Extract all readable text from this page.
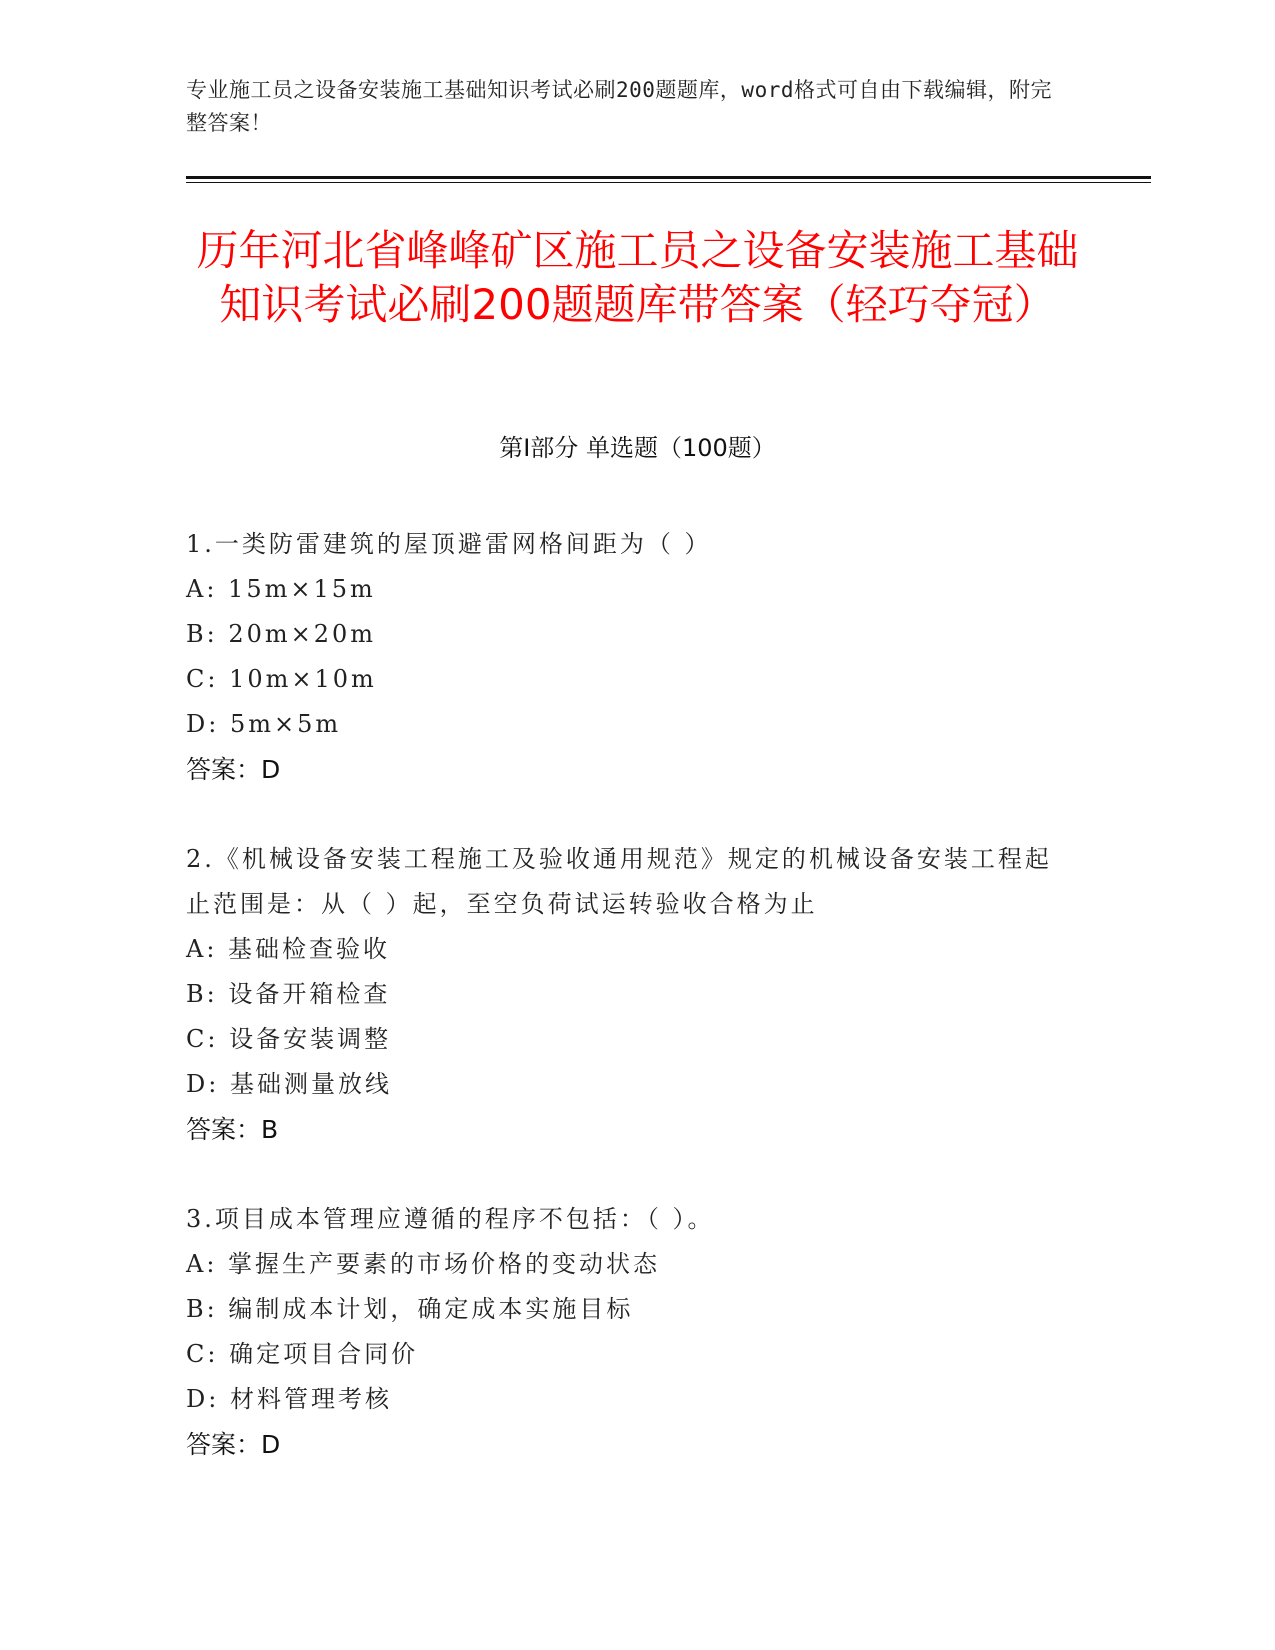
专业施工员之设备安装施工基础知识考试必刷200题题库，word格式可自由下载编辑，附完整答案！
历年河北省峰峰矿区施工员之设备安装施工基础知识考试必刷200题题库带答案（轻巧夺冠）
第I部分 单选题（100题）
1.一类防雷建筑的屋顶避雷网格间距为（ ）
A: 15m×15m
B: 20m×20m
C: 10m×10m
D: 5m×5m
答案：D
2.《机械设备安装工程施工及验收通用规范》规定的机械设备安装工程起止范围是：从（ ）起，至空负荷试运转验收合格为止
A: 基础检查验收
B: 设备开箱检查
C: 设备安装调整
D: 基础测量放线
答案：B
3.项目成本管理应遵循的程序不包括：（ ）。
A: 掌握生产要素的市场价格的变动状态
B: 编制成本计划，确定成本实施目标
C: 确定项目合同价
D: 材料管理考核
答案：D
